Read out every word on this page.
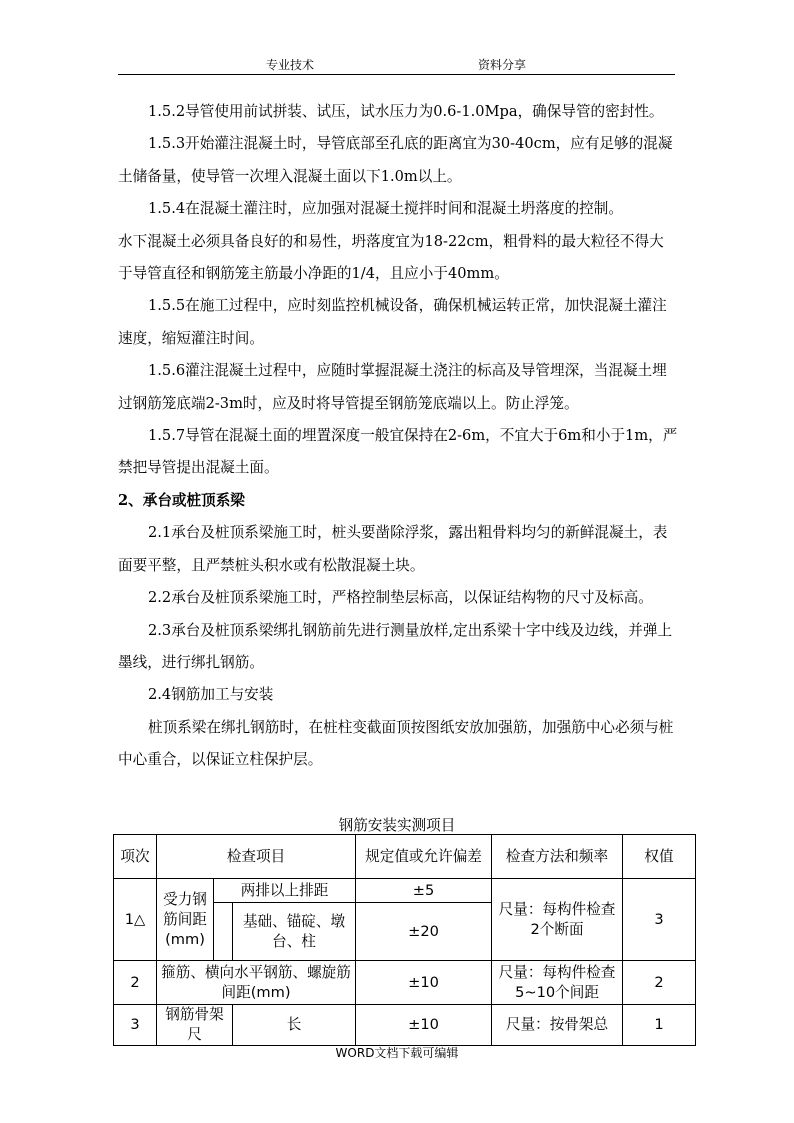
专业技术	资料分享

1.5.2导管使用前试拼装、试压，试水压力为0.6-1.0Mpa，确保导管的密封性。

1.5.3开始灌注混凝土时，导管底部至孔底的距离宜为30-40cm，应有足够的混凝土储备量，使导管一次埋入混凝土面以下1.0m以上。

1.5.4在混凝土灌注时，应加强对混凝土搅拌时间和混凝土坍落度的控制。

水下混凝土必须具备良好的和易性，坍落度宜为18-22cm，粗骨料的最大粒径不得大于导管直径和钢筋笼主筋最小净距的1/4，且应小于40mm。

1.5.5在施工过程中，应时刻监控机械设备，确保机械运转正常，加快混凝土灌注速度，缩短灌注时间。

1.5.6灌注混凝土过程中，应随时掌握混凝土浇注的标高及导管埋深，当混凝土埋过钢筋笼底端2-3m时，应及时将导管提至钢筋笼底端以上。防止浮笼。

1.5.7导管在混凝土面的埋置深度一般宜保持在2-6m，不宜大于6m和小于1m，严禁把导管提出混凝土面。

2、承台或桩顶系梁

2.1承台及桩顶系梁施工时，桩头要凿除浮浆，露出粗骨料均匀的新鲜混凝土，表面要平整，且严禁桩头积水或有松散混凝土块。

2.2承台及桩顶系梁施工时，严格控制垫层标高，以保证结构物的尺寸及标高。

2.3承台及桩顶系梁绑扎钢筋前先进行测量放样,定出系梁十字中线及边线，并弹上墨线，进行绑扎钢筋。

2.4钢筋加工与安装

桩顶系梁在绑扎钢筋时，在桩柱变截面顶按图纸安放加强筋，加强筋中心必须与桩中心重合，以保证立柱保护层。

钢筋安装实测项目
项次	检查项目			规定值或允许偏差	检查方法和频率	权值
1△	受力钢筋间距(mm)	两排以上排距		±5	尺量：每构件检查2个断面	3
			基础、锚碇、墩台、柱	±20		
2	箍筋、横向水平钢筋、螺旋筋间距(mm)			±10	尺量：每构件检查5~10个间距	2
3	钢筋骨架尺		长	±10	尺量：按骨架总	1
WORD文档下载可编辑
